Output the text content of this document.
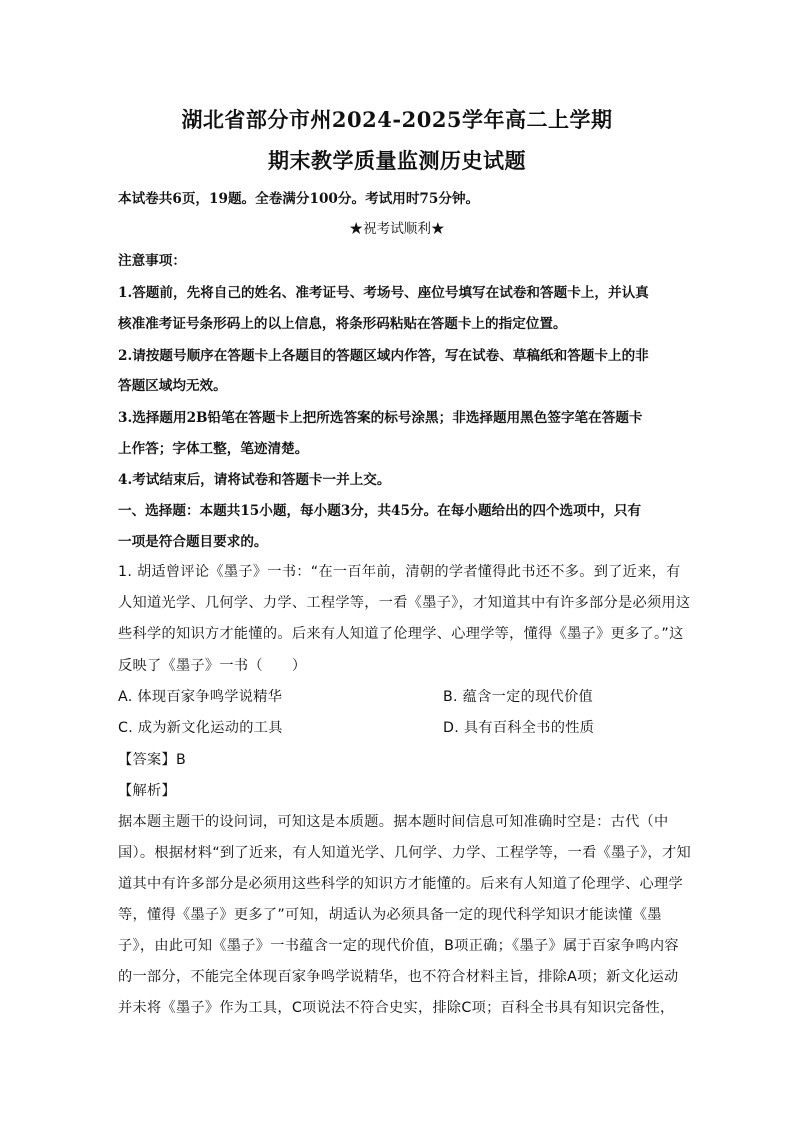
湖北省部分市州2024-2025学年高二上学期
期末教学质量监测历史试题
本试卷共6页，19题。全卷满分100分。考试用时75分钟。
★祝考试顺利★
注意事项：
1.答题前，先将自己的姓名、准考证号、考场号、座位号填写在试卷和答题卡上，并认真
核准准考证号条形码上的以上信息，将条形码粘贴在答题卡上的指定位置。
2.请按题号顺序在答题卡上各题目的答题区域内作答，写在试卷、草稿纸和答题卡上的非
答题区域均无效。
3.选择题用2B铅笔在答题卡上把所选答案的标号涂黑；非选择题用黑色签字笔在答题卡
上作答；字体工整，笔迹清楚。
4.考试结束后，请将试卷和答题卡一并上交。
一、选择题：本题共15小题，每小题3分，共45分。在每小题给出的四个选项中，只有
一项是符合题目要求的。
1. 胡适曾评论《墨子》一书：“在一百年前，清朝的学者懂得此书还不多。到了近来，有
人知道光学、几何学、力学、工程学等，一看《墨子》，才知道其中有许多部分是必须用这
些科学的知识方才能懂的。后来有人知道了伦理学、心理学等，懂得《墨子》更多了。”这
反映了《墨子》一书（　　）
A. 体现百家争鸣学说精华	B. 蕴含一定的现代价值
C. 成为新文化运动的工具	D. 具有百科全书的性质
【答案】B
【解析】
据本题主题干的设问词，可知这是本质题。据本题时间信息可知准确时空是：古代（中
国）。根据材料“到了近来，有人知道光学、几何学、力学、工程学等，一看《墨子》，才知
道其中有许多部分是必须用这些科学的知识方才能懂的。后来有人知道了伦理学、心理学
等，懂得《墨子》更多了”可知，胡适认为必须具备一定的现代科学知识才能读懂《墨
子》，由此可知《墨子》一书蕴含一定的现代价值，B项正确；《墨子》属于百家争鸣内容
的一部分，不能完全体现百家争鸣学说精华，也不符合材料主旨，排除A项；新文化运动
并未将《墨子》作为工具，C项说法不符合史实，排除C项；百科全书具有知识完备性，
